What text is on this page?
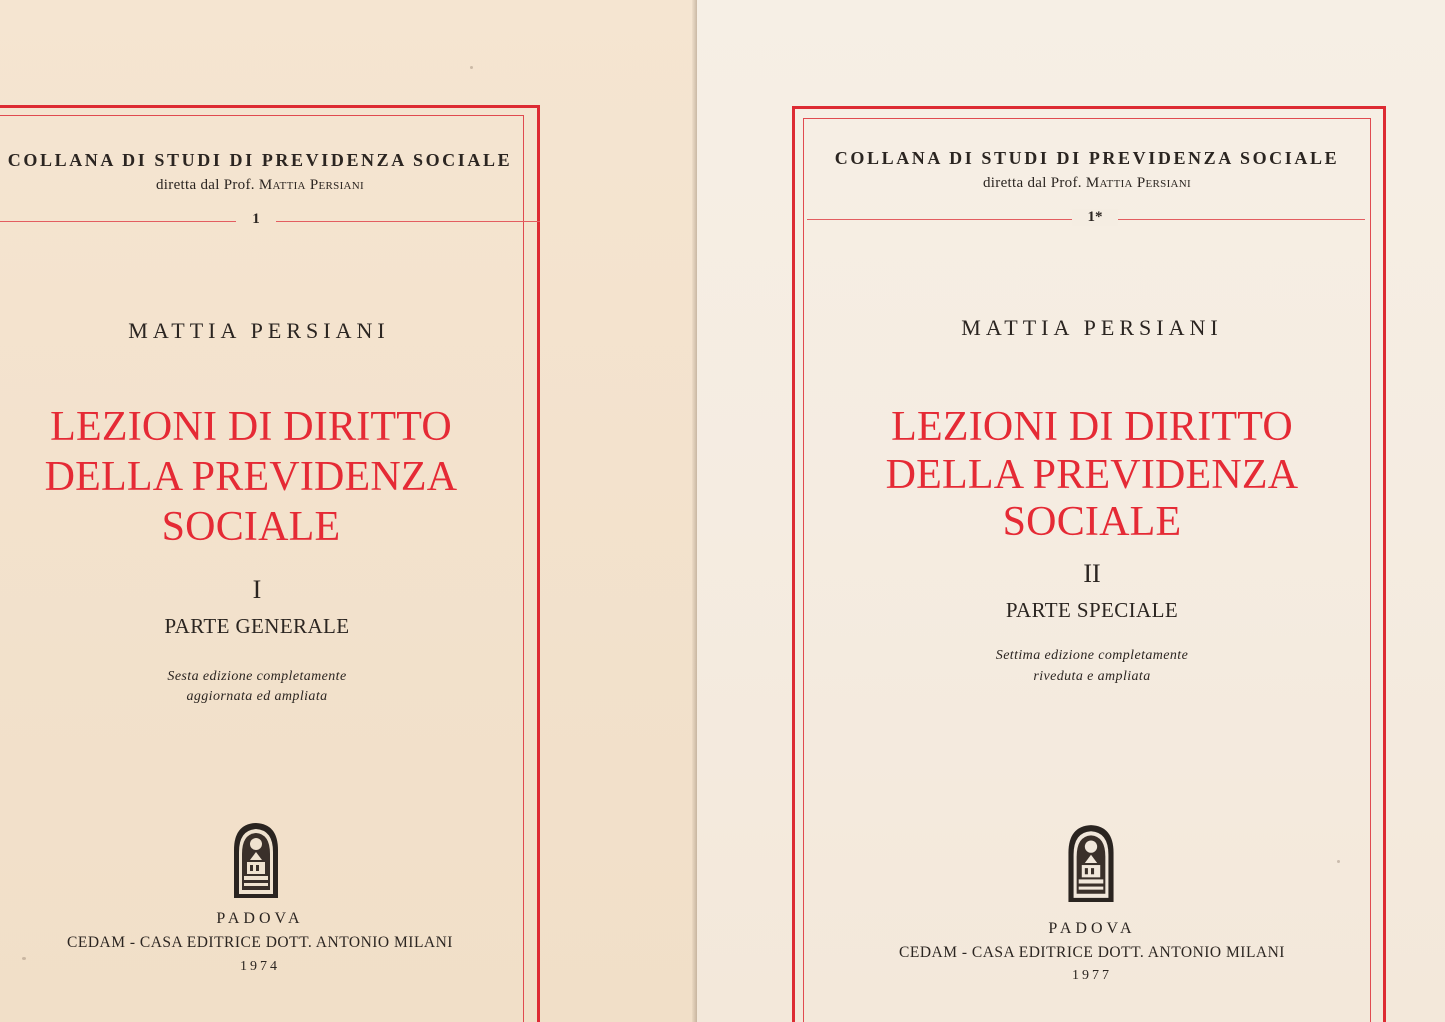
COLLANA DI STUDI DI PREVIDENZA SOCIALE
diretta dal Prof. Mattia Persiani
1
MATTIA PERSIANI
LEZIONI DI DIRITTO
DELLA PREVIDENZA
SOCIALE
I
PARTE GENERALE
Sesta edizione completamente
aggiornata ed ampliata
PADOVA
CEDAM - CASA EDITRICE DOTT. ANTONIO MILANI
1974
COLLANA DI STUDI DI PREVIDENZA SOCIALE
diretta dal Prof. Mattia Persiani
1*
MATTIA PERSIANI
LEZIONI DI DIRITTO
DELLA PREVIDENZA
SOCIALE
II
PARTE SPECIALE
Settima edizione completamente
riveduta e ampliata
PADOVA
CEDAM - CASA EDITRICE DOTT. ANTONIO MILANI
1977
